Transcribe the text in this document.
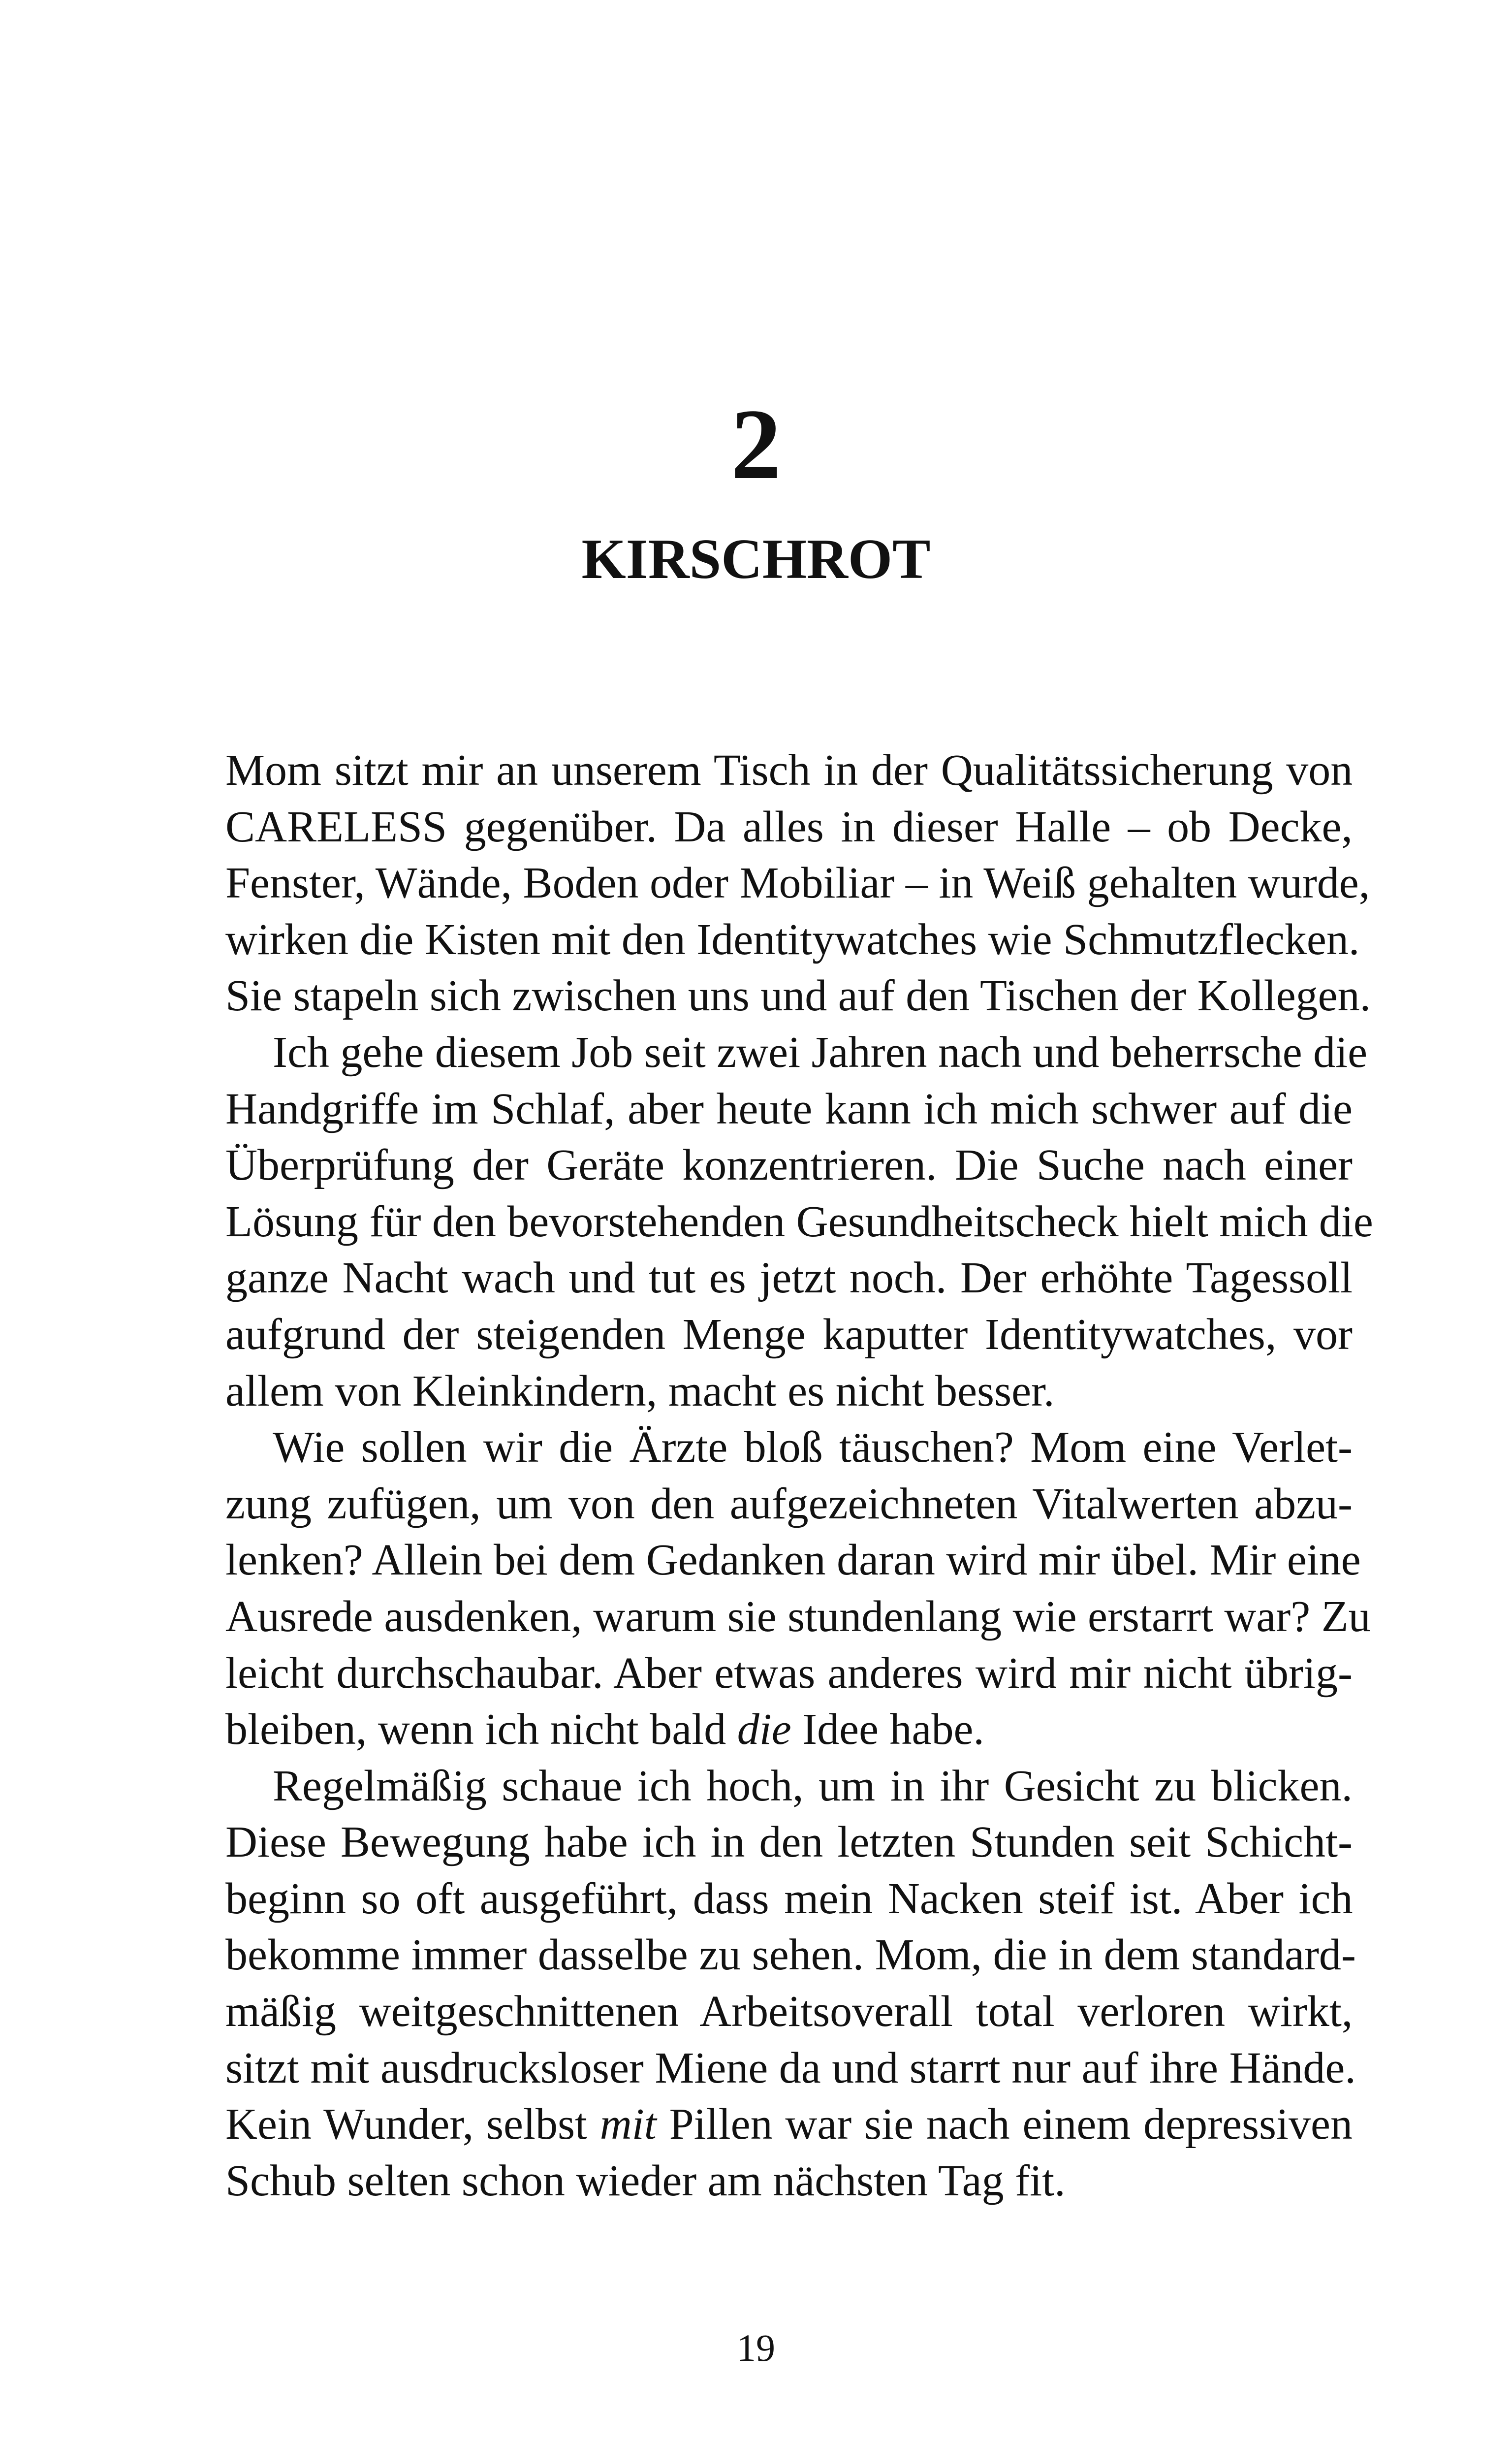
2
KIRSCHROT

Mom sitzt mir an unserem Tisch in der Qualitätssicherung von
CARELESS gegenüber. Da alles in dieser Halle – ob Decke,
Fenster, Wände, Boden oder Mobiliar – in Weiß gehalten wurde,
wirken die Kisten mit den Identitywatches wie Schmutzflecken.
Sie stapeln sich zwischen uns und auf den Tischen der Kollegen.

Ich gehe diesem Job seit zwei Jahren nach und beherrsche die
Handgriffe im Schlaf, aber heute kann ich mich schwer auf die
Überprüfung der Geräte konzentrieren. Die Suche nach einer
Lösung für den bevorstehenden Gesundheitscheck hielt mich die
ganze Nacht wach und tut es jetzt noch. Der erhöhte Tagessoll
aufgrund der steigenden Menge kaputter Identitywatches, vor
allem von Kleinkindern, macht es nicht besser.

Wie sollen wir die Ärzte bloß täuschen? Mom eine Verlet-
zung zufügen, um von den aufgezeichneten Vitalwerten abzu-
lenken? Allein bei dem Gedanken daran wird mir übel. Mir eine
Ausrede ausdenken, warum sie stundenlang wie erstarrt war? Zu
leicht durchschaubar. Aber etwas anderes wird mir nicht übrig-
bleiben, wenn ich nicht bald die Idee habe.

Regelmäßig schaue ich hoch, um in ihr Gesicht zu blicken.
Diese Bewegung habe ich in den letzten Stunden seit Schicht-
beginn so oft ausgeführt, dass mein Nacken steif ist. Aber ich
bekomme immer dasselbe zu sehen. Mom, die in dem standard-
mäßig weitgeschnittenen Arbeitsoverall total verloren wirkt,
sitzt mit ausdrucksloser Miene da und starrt nur auf ihre Hände.
Kein Wunder, selbst mit Pillen war sie nach einem depressiven
Schub selten schon wieder am nächsten Tag fit.

19
